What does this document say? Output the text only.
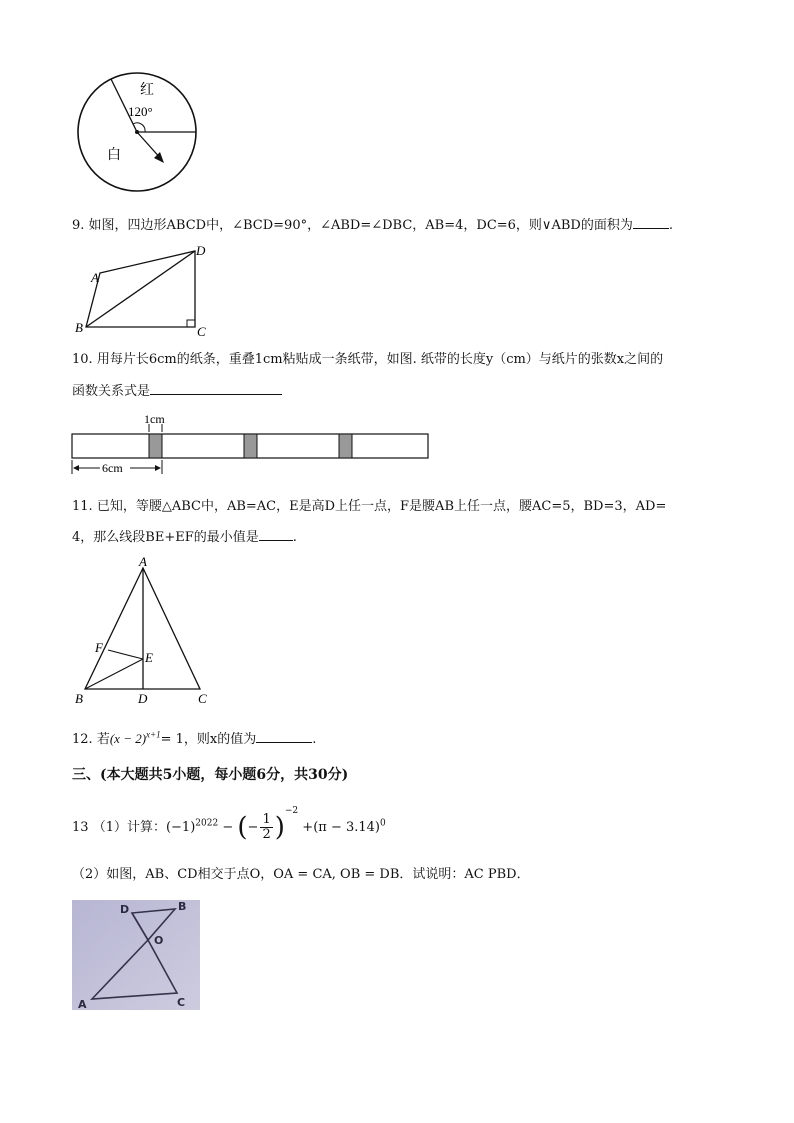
红
120°
白
9. 如图，四边形ABCD中，∠BCD=90°，∠ABD=∠DBC，AB=4，DC=6，则∨ABD的面积为	.
A
B	C
D
10. 用每片长6cm的纸条，重叠1cm粘贴成一条纸带，如图. 纸带的长度y（cm）与纸片的张数x之间的
函数关系式是
1cm
6cm
11. 已知，等腰△ABC中，AB=AC，E是高D上任一点，F是腰AB上任一点，腰AC=5，BD=3，AD=
4，那么线段BE+EF的最小值是	.
A
B	C
D
E
F
12. 若$(x - 2)^{x+1}= 1$，则x的值为	.
三、(本大题共5小题，每小题6分，共30分)
13 （1）计算：$(-1)^{2022}$ − (− $\frac{1}{2} )^{-2} +(\pi - 3.14)^0$
（2）如图，AB、CD相交于点O，OA = CA, OB = DB．试说明：AC PBD．
D	B
O
A	C
